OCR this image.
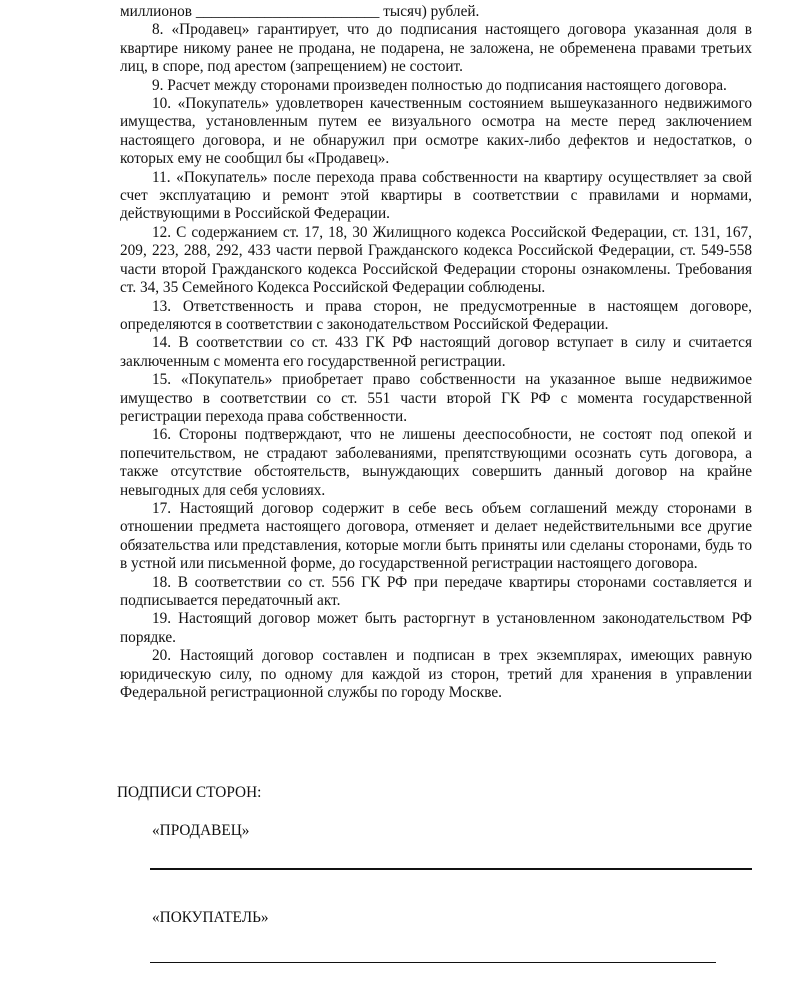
миллионов ________________________ тысяч) рублей.

8. «Продавец» гарантирует, что до подписания настоящего договора указанная доля в квартире никому ранее не продана, не подарена, не заложена, не обременена правами третьих лиц, в споре, под арестом (запрещением) не состоит.

9. Расчет между сторонами произведен полностью до подписания настоящего договора.

10. «Покупатель» удовлетворен качественным состоянием вышеуказанного недвижимого имущества, установленным путем ее визуального осмотра на месте перед заключением настоящего договора, и не обнаружил при осмотре каких-либо дефектов и недостатков, о которых ему не сообщил бы «Продавец».

11. «Покупатель» после перехода права собственности на квартиру осуществляет за свой счет эксплуатацию и ремонт этой квартиры в соответствии с правилами и нормами, действующими в Российской Федерации.

12. С содержанием ст. 17, 18, 30 Жилищного кодекса Российской Федерации, ст. 131, 167, 209, 223, 288, 292, 433 части первой Гражданского кодекса Российской Федерации, ст. 549-558 части второй Гражданского кодекса Российской Федерации стороны ознакомлены. Требования ст. 34, 35 Семейного Кодекса Российской Федерации соблюдены.

13. Ответственность и права сторон, не предусмотренные в настоящем договоре, определяются в соответствии с законодательством Российской Федерации.

14. В соответствии со ст. 433 ГК РФ настоящий договор вступает в силу и считается заключенным с момента его государственной регистрации.

15. «Покупатель» приобретает право собственности на указанное выше недвижимое имущество в соответствии со ст. 551 части второй ГК РФ с момента государственной регистрации перехода права собственности.

16. Стороны подтверждают, что не лишены дееспособности, не состоят под опекой и попечительством, не страдают заболеваниями, препятствующими осознать суть договора, а также отсутствие обстоятельств, вынуждающих совершить данный договор на крайне невыгодных для себя условиях.

17. Настоящий договор содержит в себе весь объем соглашений между сторонами в отношении предмета настоящего договора, отменяет и делает недействительными все другие обязательства или представления, которые могли быть приняты или сделаны сторонами, будь то в устной или письменной форме, до государственной регистрации настоящего договора.

18. В соответствии со ст. 556 ГК РФ при передаче квартиры сторонами составляется и подписывается передаточный акт.

19. Настоящий договор может быть расторгнут в установленном законодательством РФ порядке.

20. Настоящий договор составлен и подписан в трех экземплярах, имеющих равную юридическую силу, по одному для каждой из сторон, третий для хранения в управлении Федеральной регистрационной службы по городу Москве.

ПОДПИСИ СТОРОН:
«ПРОДАВЕЦ»
«ПОКУПАТЕЛЬ»
